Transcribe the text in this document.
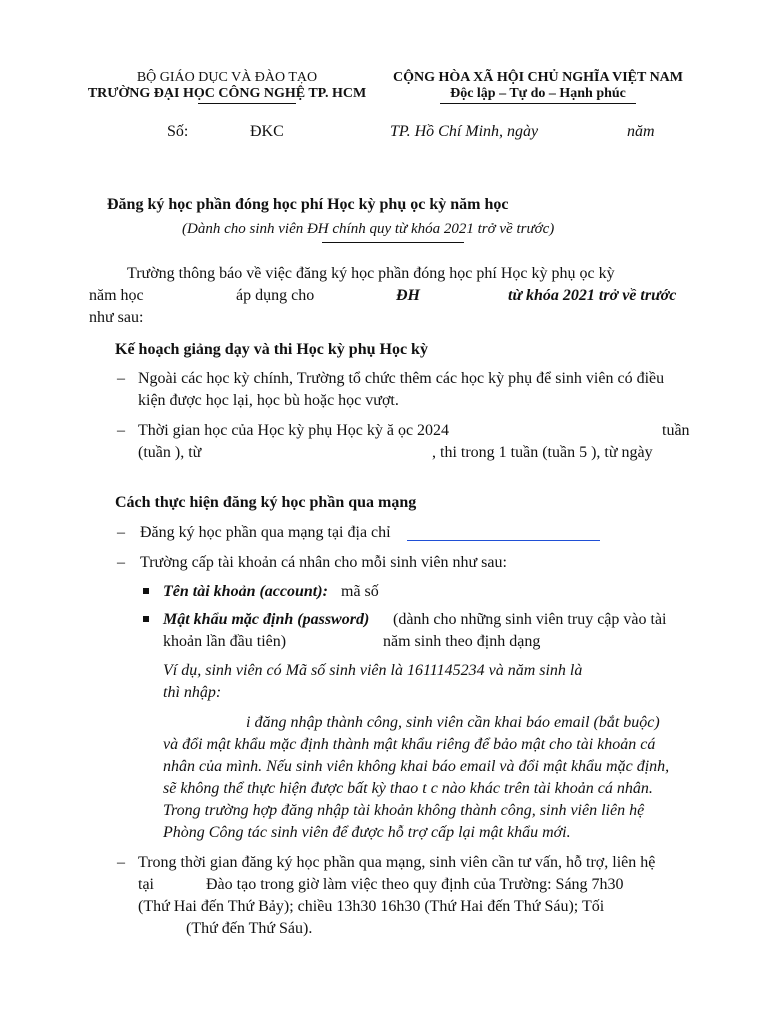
BỘ GIÁO DỤC VÀ ĐÀO TẠO
TRƯỜNG ĐẠI HỌC CÔNG NGHỆ TP. HCM
CỘNG HÒA XÃ HỘI CHỦ NGHĨA VIỆT NAM
Độc lập – Tự do – Hạnh phúc
Số:	ĐKC	TP. Hồ Chí Minh, ngày	năm
Đăng ký học phần đóng học phí Học kỳ phụ ọc kỳ năm học
(Dành cho sinh viên ĐH chính quy từ khóa 2021 trở về trước)
Trường thông báo về việc đăng ký học phần đóng học phí Học kỳ phụ ọc kỳ
năm học	áp dụng cho	ĐH	từ khóa 2021 trở về trước
như sau:
Kế hoạch giảng dạy và thi Học kỳ phụ Học kỳ
– Ngoài các học kỳ chính, Trường tổ chức thêm các học kỳ phụ để sinh viên có điều
kiện được học lại, học bù hoặc học vượt.
– Thời gian học của Học kỳ phụ Học kỳ ă ọc 2024	tuần
(tuần ), từ	, thi trong 1 tuần (tuần 5 ), từ ngày
Cách thực hiện đăng ký học phần qua mạng
– Đăng ký học phần qua mạng tại địa chỉ
– Trường cấp tài khoản cá nhân cho mỗi sinh viên như sau:
Tên tài khoản (account): mã số
Mật khẩu mặc định (password) (dành cho những sinh viên truy cập vào tài
khoản lần đầu tiên)	năm sinh theo định dạng
Ví dụ, sinh viên có Mã số sinh viên là 1611145234 và năm sinh là
thì nhập:
i đăng nhập thành công, sinh viên cần khai báo email (bắt buộc)
và đổi mật khẩu mặc định thành mật khẩu riêng để bảo mật cho tài khoản cá
nhân của mình. Nếu sinh viên không khai báo email và đổi mật khẩu mặc định,
sẽ không thể thực hiện được bất kỳ thao t c nào khác trên tài khoản cá nhân.
Trong trường hợp đăng nhập tài khoản không thành công, sinh viên liên hệ
Phòng Công tác sinh viên để được hỗ trợ cấp lại mật khẩu mới.
– Trong thời gian đăng ký học phần qua mạng, sinh viên cần tư vấn, hỗ trợ, liên hệ
tại	Đào tạo trong giờ làm việc theo quy định của Trường: Sáng 7h30
(Thứ Hai đến Thứ Bảy); chiều 13h30 16h30 (Thứ Hai đến Thứ Sáu); Tối
(Thứ đến Thứ Sáu).
